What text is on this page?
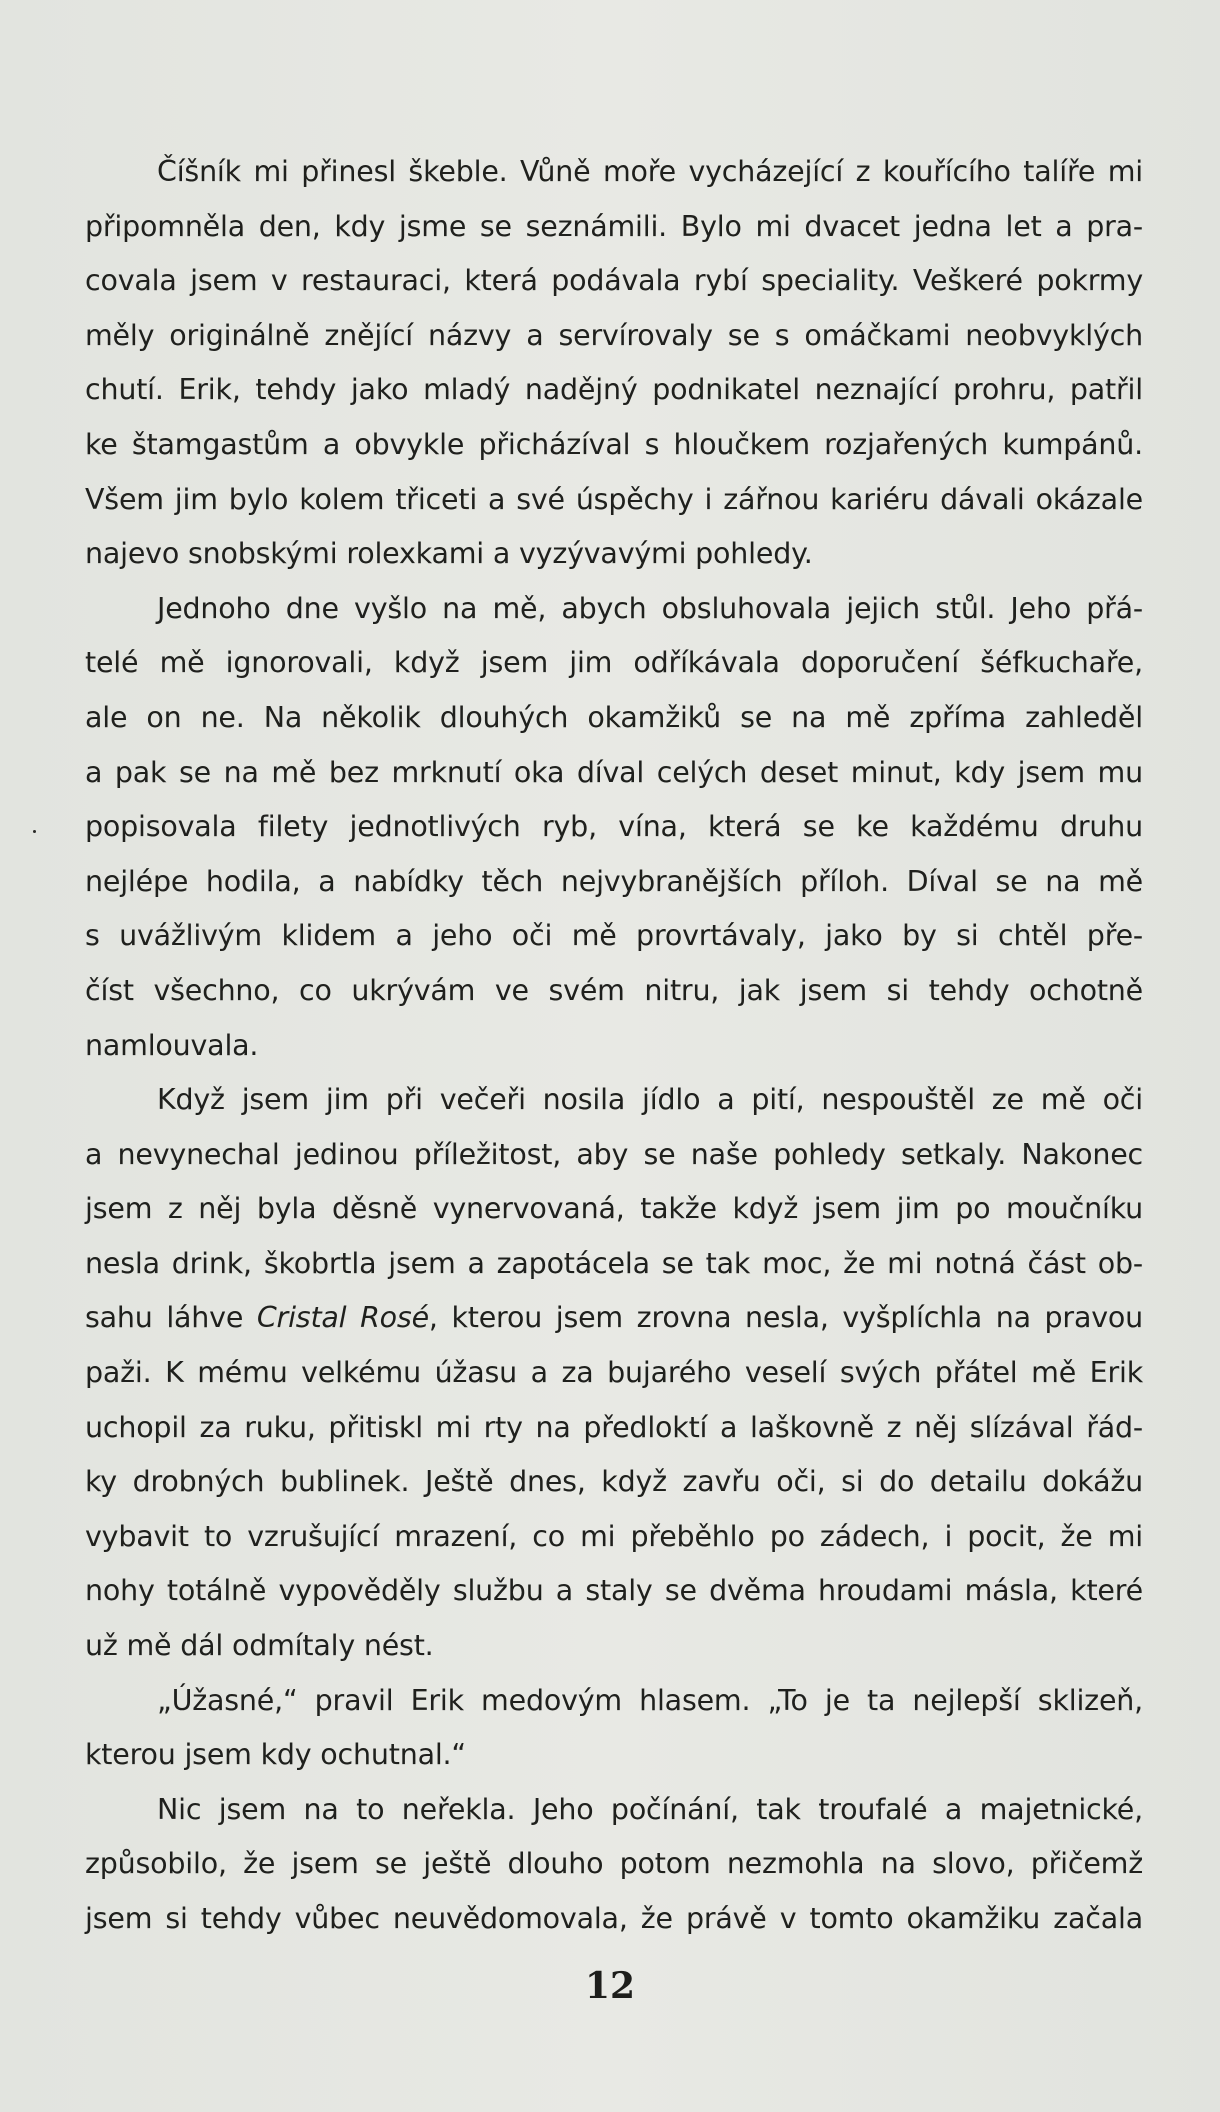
Číšník mi přinesl škeble. Vůně moře vycházející z kouřícího talíře mi
připomněla den, kdy jsme se seznámili. Bylo mi dvacet jedna let a pra-
covala jsem v restauraci, která podávala rybí speciality. Veškeré pokrmy
měly originálně znějící názvy a servírovaly se s omáčkami neobvyklých
chutí. Erik, tehdy jako mladý nadějný podnikatel neznající prohru, patřil
ke štamgastům a obvykle přicházíval s hloučkem rozjařených kumpánů.
Všem jim bylo kolem třiceti a své úspěchy i zářnou kariéru dávali okázale
najevo snobskými rolexkami a vyzývavými pohledy.
Jednoho dne vyšlo na mě, abych obsluhovala jejich stůl. Jeho přá-
telé mě ignorovali, když jsem jim odříkávala doporučení šéfkuchaře,
ale on ne. Na několik dlouhých okamžiků se na mě zpříma zahleděl
a pak se na mě bez mrknutí oka díval celých deset minut, kdy jsem mu
popisovala filety jednotlivých ryb, vína, která se ke každému druhu
nejlépe hodila, a nabídky těch nejvybranějších příloh. Díval se na mě
s uvážlivým klidem a jeho oči mě provrtávaly, jako by si chtěl pře-
číst všechno, co ukrývám ve svém nitru, jak jsem si tehdy ochotně
namlouvala.
Když jsem jim při večeři nosila jídlo a pití, nespouštěl ze mě oči
a nevynechal jedinou příležitost, aby se naše pohledy setkaly. Nakonec
jsem z něj byla děsně vynervovaná, takže když jsem jim po moučníku
nesla drink, škobrtla jsem a zapotácela se tak moc, že mi notná část ob-
sahu láhve Cristal Rosé, kterou jsem zrovna nesla, vyšplíchla na pravou
paži. K mému velkému úžasu a za bujarého veselí svých přátel mě Erik
uchopil za ruku, přitiskl mi rty na předloktí a laškovně z něj slízával řád-
ky drobných bublinek. Ještě dnes, když zavřu oči, si do detailu dokážu
vybavit to vzrušující mrazení, co mi přeběhlo po zádech, i pocit, že mi
nohy totálně vypověděly službu a staly se dvěma hroudami másla, které
už mě dál odmítaly nést.
„Úžasné,“ pravil Erik medovým hlasem. „To je ta nejlepší sklizeň,
kterou jsem kdy ochutnal.“
Nic jsem na to neřekla. Jeho počínání, tak troufalé a majetnické,
způsobilo, že jsem se ještě dlouho potom nezmohla na slovo, přičemž
jsem si tehdy vůbec neuvědomovala, že právě v tomto okamžiku začala
12
